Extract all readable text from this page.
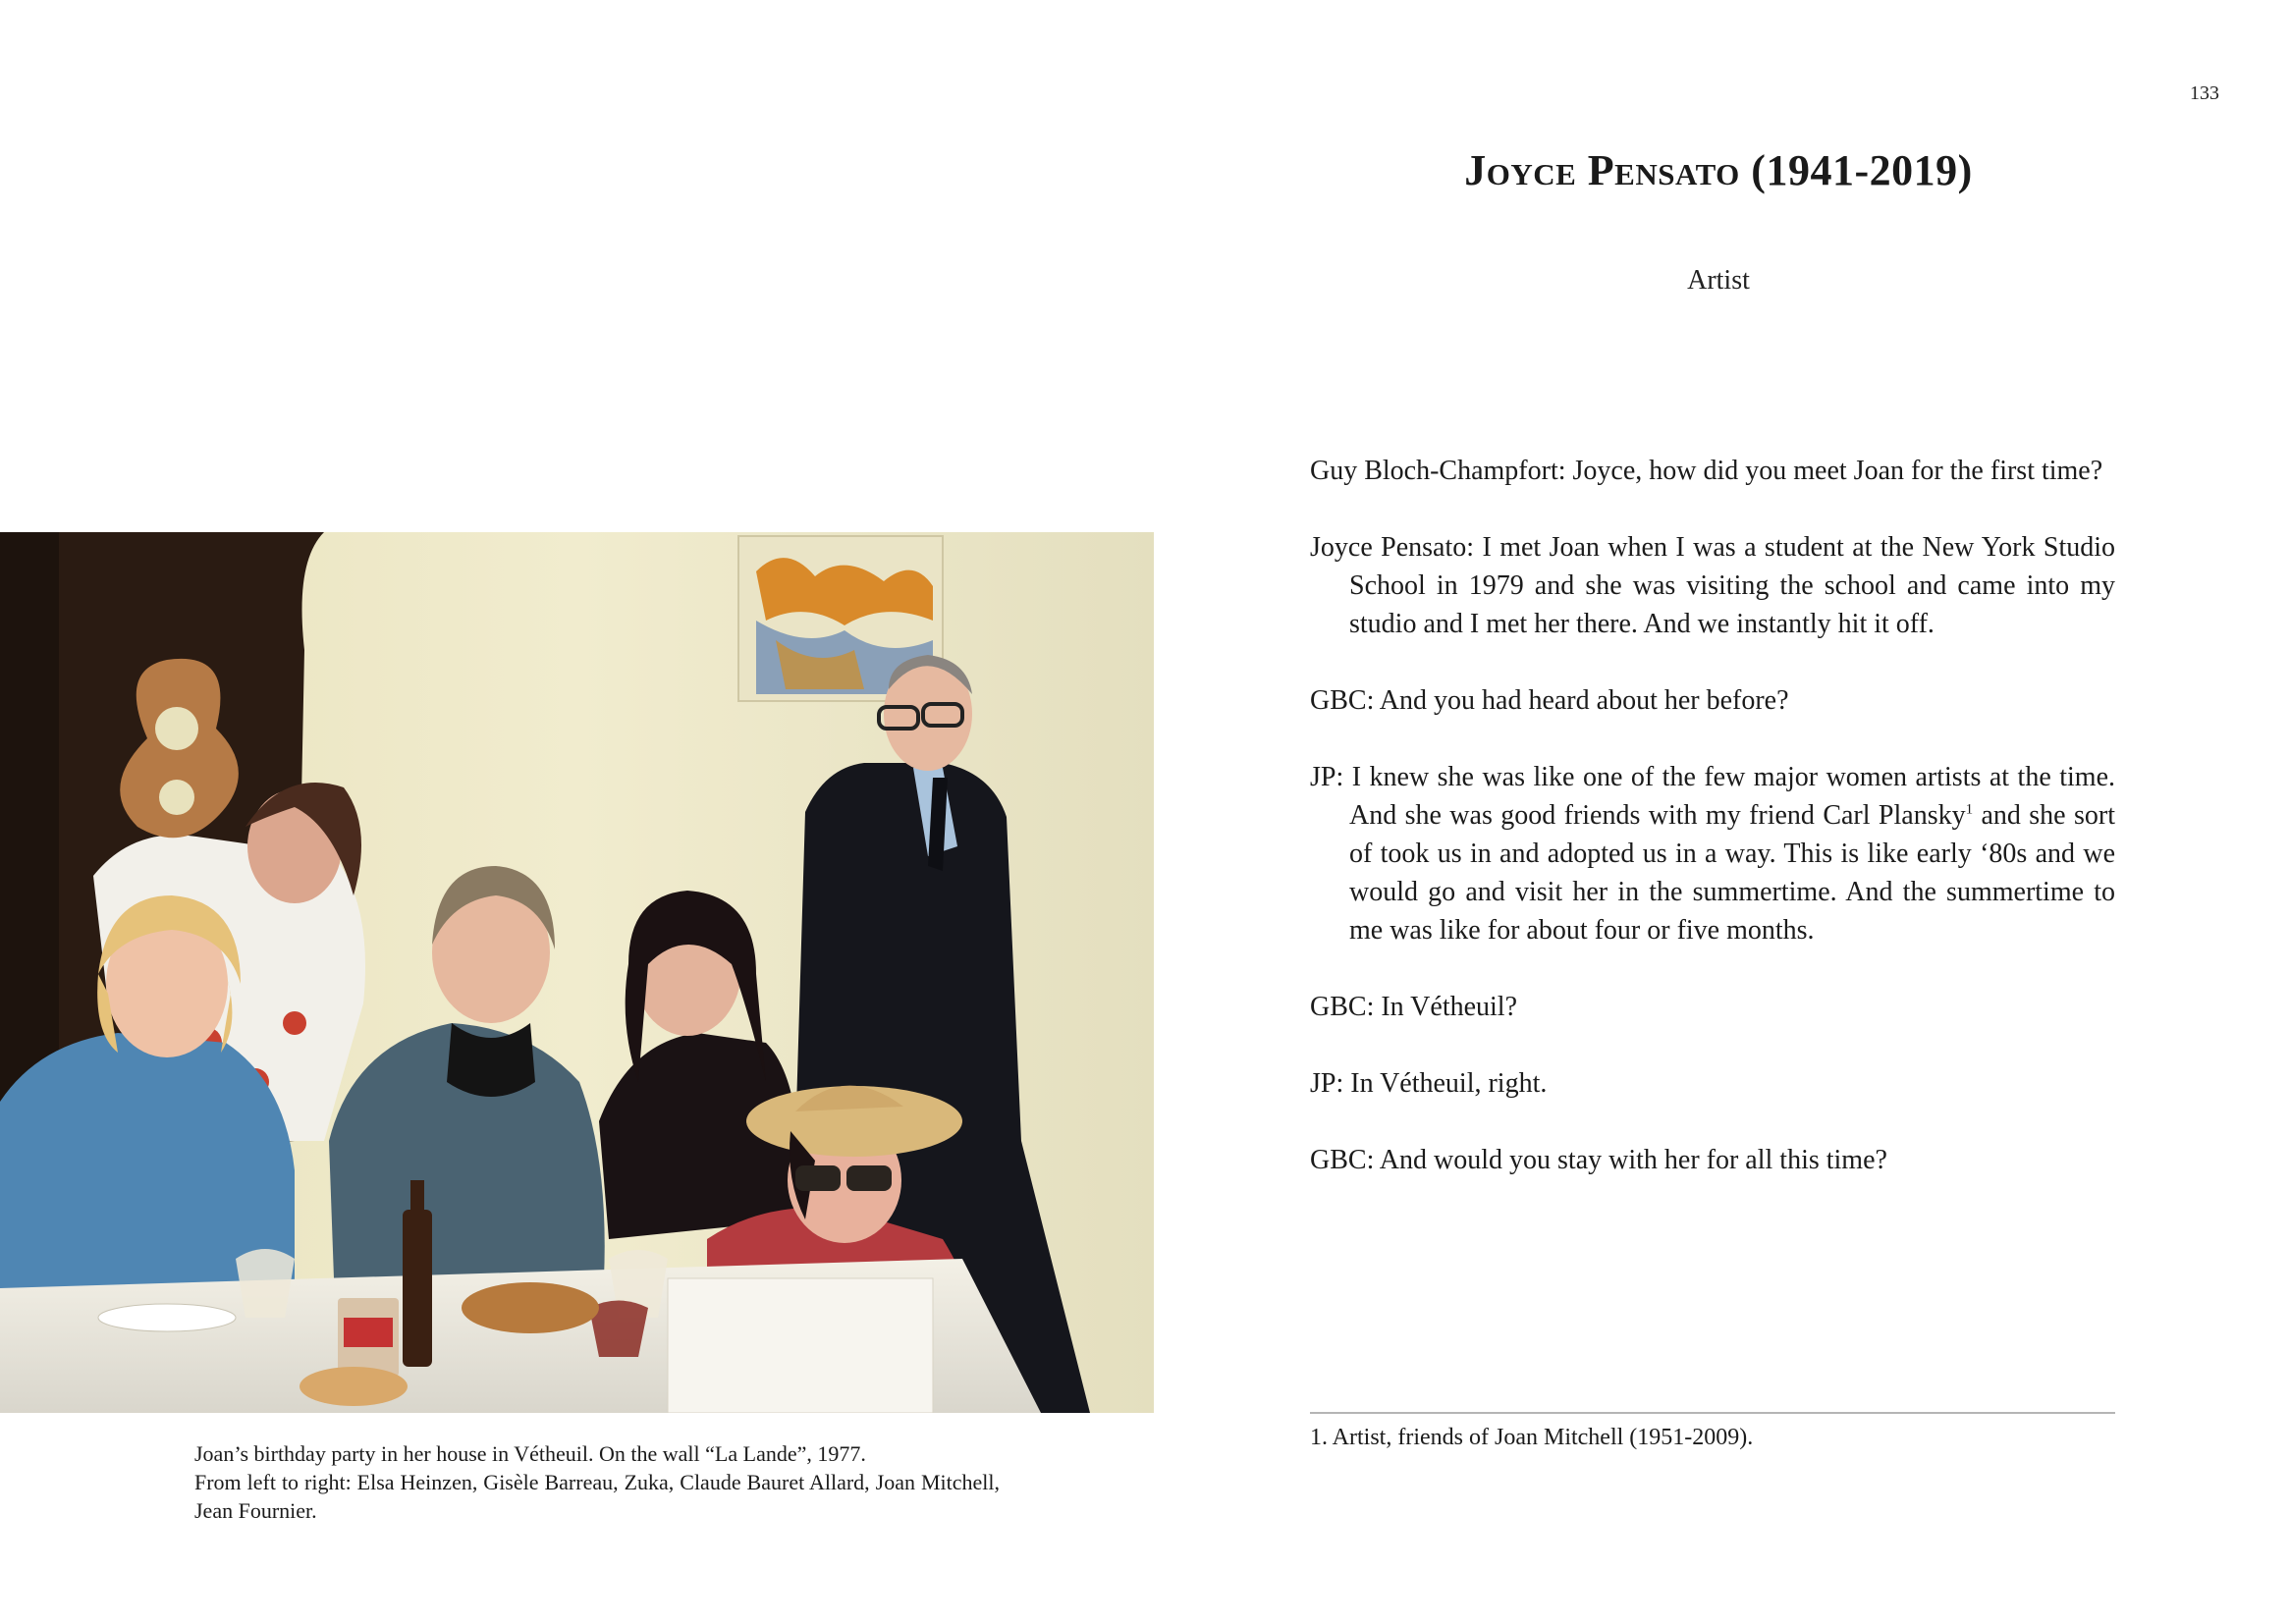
133
Joyce Pensato (1941-2019)
Artist

Guy Bloch-Champfort: Joyce, how did you meet Joan for the first time?

Joyce Pensato: I met Joan when I was a student at the New York Studio School in 1979 and she was visiting the school and came into my studio and I met her there. And we instantly hit it off.

GBC: And you had heard about her before?

JP: I knew she was like one of the few major women artists at the time. And she was good friends with my friend Carl Plansky$^1$ and she sort of took us in and adopted us in a way. This is like early ‘80s and we would go and visit her in the summertime. And the summertime to me was like for about four or five months.

GBC: In Vétheuil?

JP: In Vétheuil, right.

GBC: And would you stay with her for all this time?

1. Artist, friends of Joan Mitchell (1951-2009).
Joan’s birthday party in her house in Vétheuil. On the wall “La Lande”, 1977.
From left to right: Elsa Heinzen, Gisèle Barreau, Zuka, Claude Bauret Allard, Joan Mitchell, Jean Fournier.
